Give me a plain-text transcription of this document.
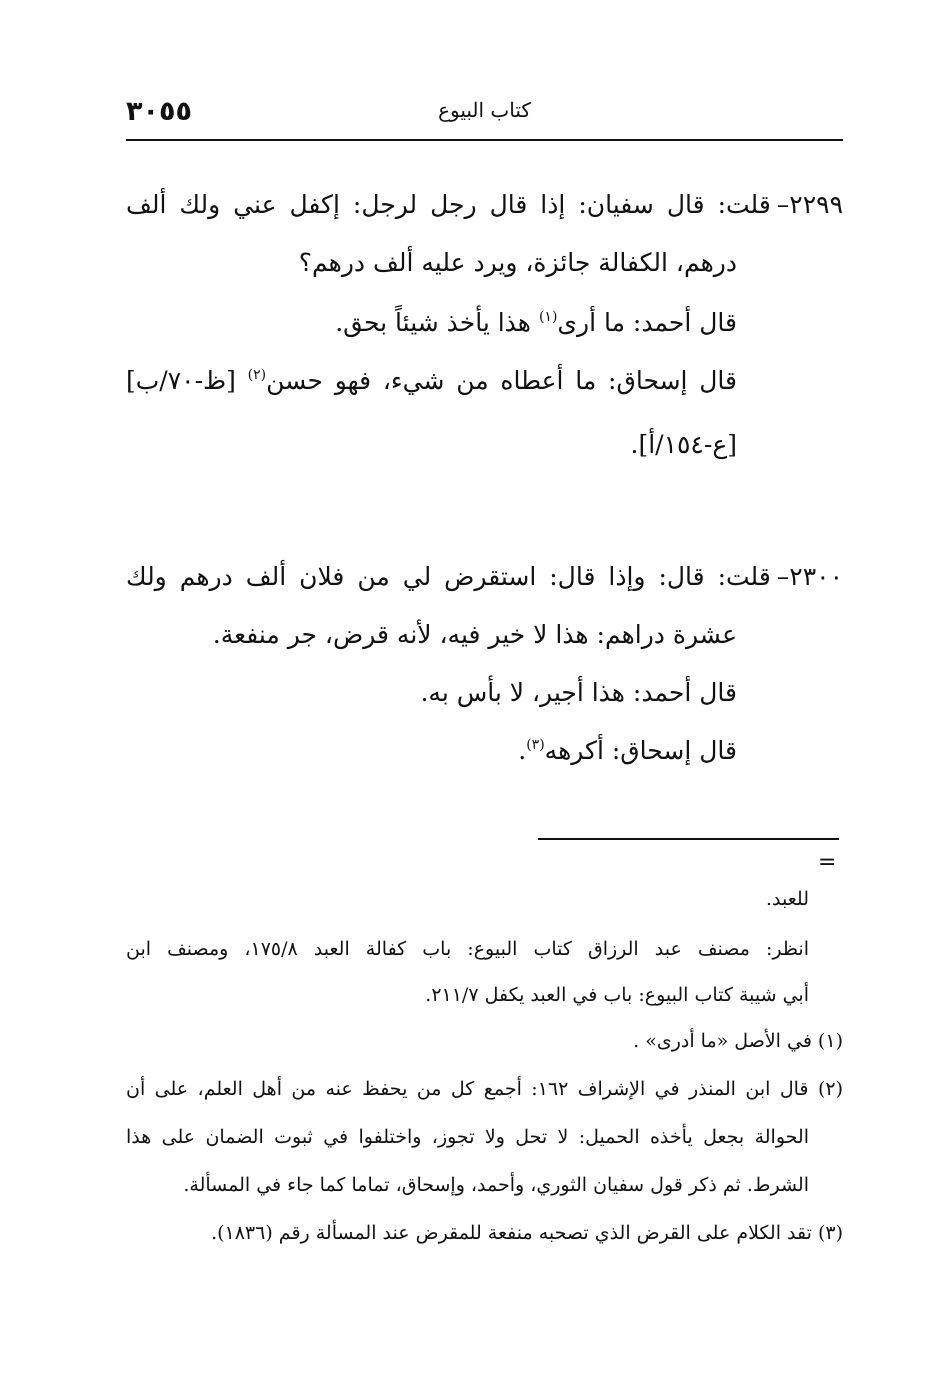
٣٠٥٥	كتاب البيوع
٢٢٩٩–قلت: قال سفيان: إذا قال رجل لرجل: إكفل عني ولك ألف
درهم، الكفالة جائزة، ويرد عليه ألف درهم؟
قال أحمد: ما أرى$^{(١)}$ هذا يأخذ شيئاً بحق.
قال إسحاق: ما أعطاه من شيء، فهو حسن$^{(٢)}$ [ظ-٧٠/ب]
[ع-١٥٤/أ].
٢٣٠٠–قلت: قال: وإذا قال: استقرض لي من فلان ألف درهم ولك
عشرة دراهم: هذا لا خير فيه، لأنه قرض، جر منفعة.
قال أحمد: هذا أجير، لا بأس به.
قال إسحاق: أكرهه$^{(٣)}$.
=
للعبد.
انظر: مصنف عبد الرزاق كتاب البيوع: باب كفالة العبد ١٧٥/٨، ومصنف ابن
أبي شيبة كتاب البيوع: باب في العبد يكفل ٢١١/٧.
(١) في الأصل «ما أدرى» .
(٢) قال ابن المنذر في الإشراف ١٦٢: أجمع كل من يحفظ عنه من أهل العلم، على أن
الحوالة بجعل يأخذه الحميل: لا تحل ولا تجوز، واختلفوا في ثبوت الضمان على هذا
الشرط. ثم ذكر قول سفيان الثوري، وأحمد، وإسحاق، تماما كما جاء في المسألة.
(٣) تقد الكلام على القرض الذي تصحبه منفعة للمقرض عند المسألة رقم (١٨٣٦).
